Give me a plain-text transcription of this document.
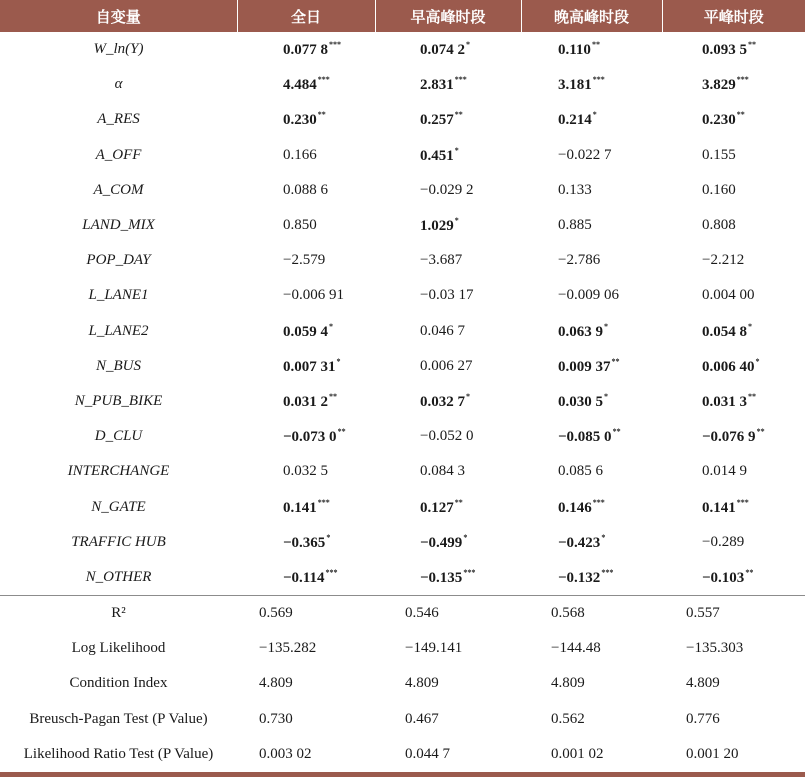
自变量	全日	早高峰时段	晚高峰时段	平峰时段
W_ln(Y)	0.077 8***	0.074 2*	0.110**	0.093 5**
α	4.484***	2.831***	3.181***	3.829***
A_RES	0.230**	0.257**	0.214*	0.230**
A_OFF	0.166	0.451*	−0.022 7	0.155
A_COM	0.088 6	−0.029 2	0.133	0.160
LAND_MIX	0.850	1.029*	0.885	0.808
POP_DAY	−2.579	−3.687	−2.786	−2.212
L_LANE1	−0.006 91	−0.03 17	−0.009 06	0.004 00
L_LANE2	0.059 4*	0.046 7	0.063 9*	0.054 8*
N_BUS	0.007 31*	0.006 27	0.009 37**	0.006 40*
N_PUB_BIKE	0.031 2**	0.032 7*	0.030 5*	0.031 3**
D_CLU	−0.073 0**	−0.052 0	−0.085 0**	−0.076 9**
INTERCHANGE	0.032 5	0.084 3	0.085 6	0.014 9
N_GATE	0.141***	0.127**	0.146***	0.141***
TRAFFIC HUB	−0.365*	−0.499*	−0.423*	−0.289
N_OTHER	−0.114***	−0.135***	−0.132***	−0.103**
R²	0.569	0.546	0.568	0.557
Log Likelihood	−135.282	−149.141	−144.48	−135.303
Condition Index	4.809	4.809	4.809	4.809
Breusch-Pagan Test (P Value)	0.730	0.467	0.562	0.776
Likelihood Ratio Test (P Value)	0.003 02	0.044 7	0.001 02	0.001 20
